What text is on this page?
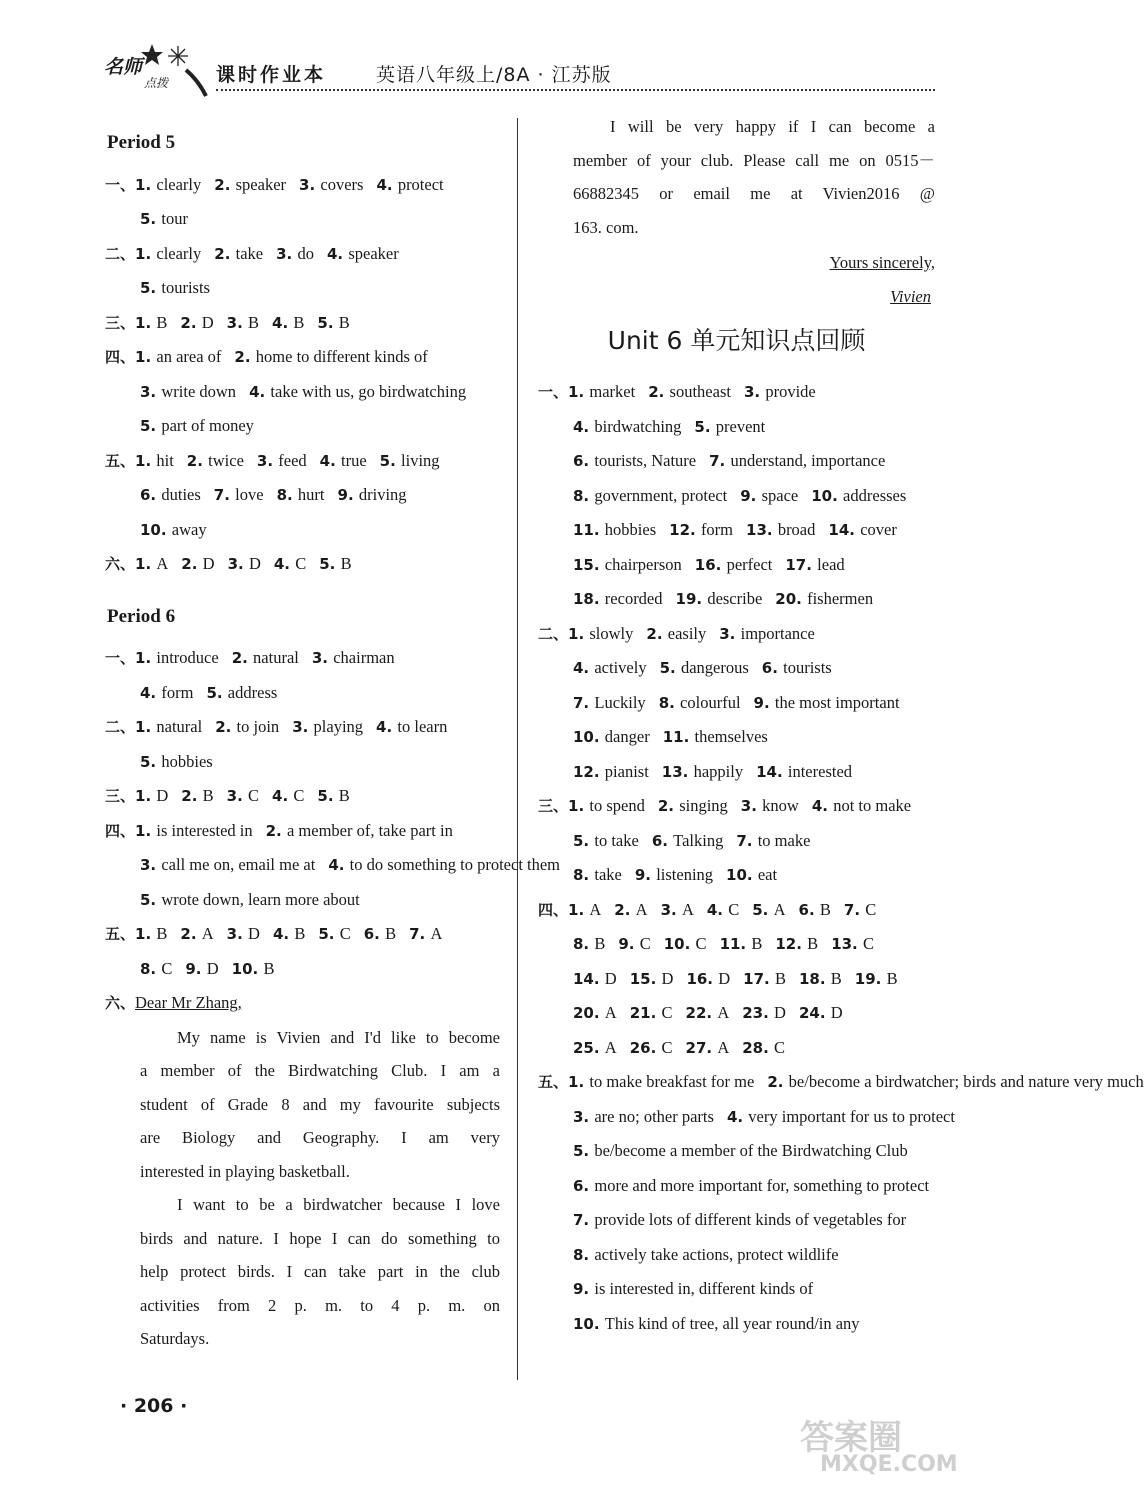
名师
点拨	课时作业本	英语八年级上/8A · 江苏版
Period 5
一、1. clearly 2. speaker 3. covers 4. protect
5. tour
二、1. clearly 2. take 3. do 4. speaker
5. tourists
三、1. B 2. D 3. B 4. B 5. B
四、1. an area of 2. home to different kinds of
3. write down 4. take with us, go birdwatching
5. part of money
五、1. hit 2. twice 3. feed 4. true 5. living
6. duties 7. love 8. hurt 9. driving
10. away
六、1. A 2. D 3. D 4. C 5. B
Period 6
一、1. introduce 2. natural 3. chairman
4. form 5. address
二、1. natural 2. to join 3. playing 4. to learn
5. hobbies
三、1. D 2. B 3. C 4. C 5. B
四、1. is interested in 2. a member of, take part in
3. call me on, email me at 4. to do something to protect them
5. wrote down, learn more about
五、1. B 2. A 3. D 4. B 5. C 6. B 7. A
8. C 9. D 10. B
六、Dear Mr Zhang,
My name is Vivien and I'd like to become
a member of the Birdwatching Club. I am a
student of Grade 8 and my favourite subjects
are Biology and Geography. I am very
interested in playing basketball.
I want to be a birdwatcher because I love
birds and nature. I hope I can do something to
help protect birds. I can take part in the club
activities from 2 p. m. to 4 p. m. on
Saturdays.
· 206 ·
I will be very happy if I can become a
member of your club. Please call me on 0515－
66882345 or email me at Vivien2016 @
163. com.
Yours sincerely,
Vivien
Unit 6 单元知识点回顾
一、1. market 2. southeast 3. provide
4. birdwatching 5. prevent
6. tourists, Nature 7. understand, importance
8. government, protect 9. space 10. addresses
11. hobbies 12. form 13. broad 14. cover
15. chairperson 16. perfect 17. lead
18. recorded 19. describe 20. fishermen
二、1. slowly 2. easily 3. importance
4. actively 5. dangerous 6. tourists
7. Luckily 8. colourful 9. the most important
10. danger 11. themselves
12. pianist 13. happily 14. interested
三、1. to spend 2. singing 3. know 4. not to make
5. to take 6. Talking 7. to make
8. take 9. listening 10. eat
四、1. A 2. A 3. A 4. C 5. A 6. B 7. C
8. B 9. C 10. C 11. B 12. B 13. C
14. D 15. D 16. D 17. B 18. B 19. B
20. A 21. C 22. A 23. D 24. D
25. A 26. C 27. A 28. C
五、1. to make breakfast for me 2. be/become a birdwatcher; birds and nature very much
3. are no; other parts 4. very important for us to protect
5. be/become a member of the Birdwatching Club
6. more and more important for, something to protect
7. provide lots of different kinds of vegetables for
8. actively take actions, protect wildlife
9. is interested in, different kinds of
10. This kind of tree, all year round/in any
答案圈
MXQE.COM
